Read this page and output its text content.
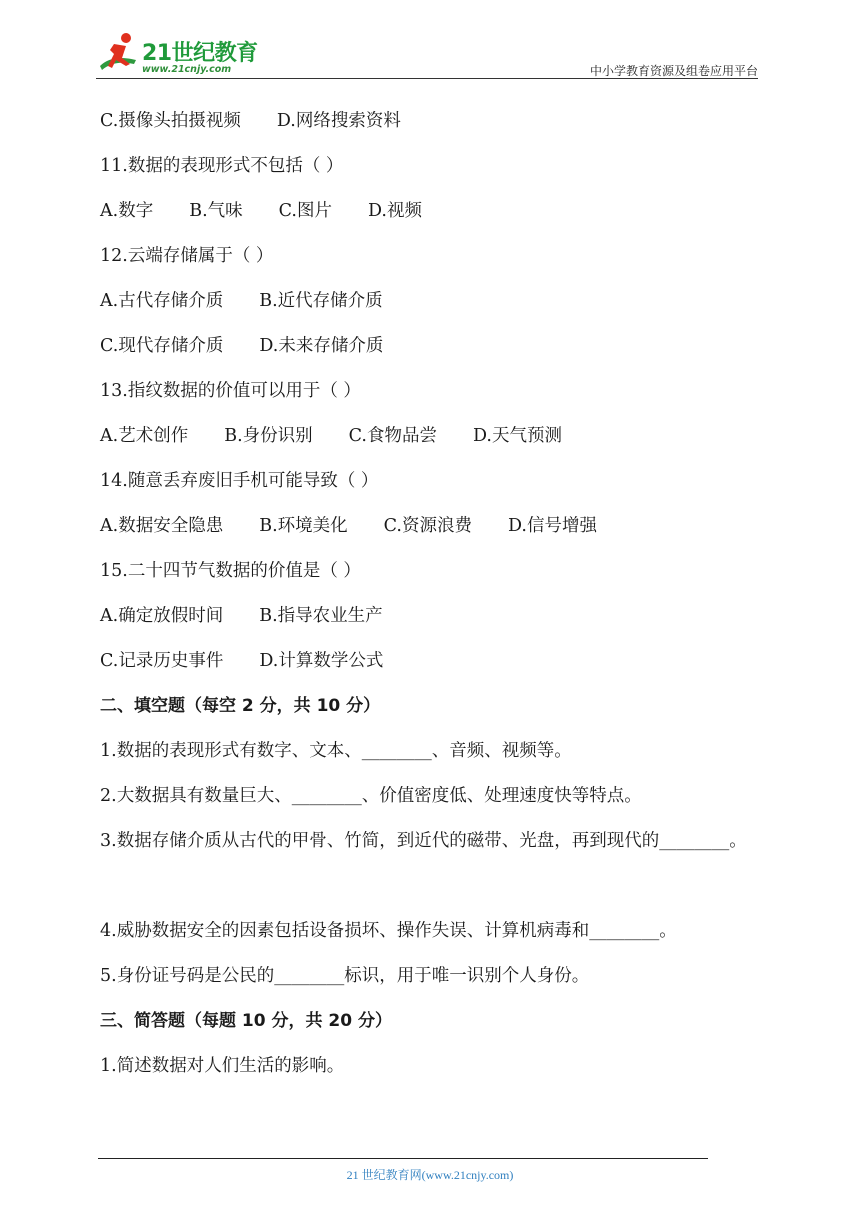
21世纪教育
www.21cnjy.com	中小学教育资源及组卷应用平台
C.摄像头拍摄视频 D.网络搜索资料
11.数据的表现形式不包括（ ）
A.数字 B.气味 C.图片 D.视频
12.云端存储属于（ ）
A.古代存储介质 B.近代存储介质
C.现代存储介质 D.未来存储介质
13.指纹数据的价值可以用于（ ）
A.艺术创作 B.身份识别 C.食物品尝 D.天气预测
14.随意丢弃废旧手机可能导致（ ）
A.数据安全隐患 B.环境美化 C.资源浪费 D.信号增强
15.二十四节气数据的价值是（ ）
A.确定放假时间 B.指导农业生产
C.记录历史事件 D.计算数学公式
二、填空题（每空 2 分，共 10 分）
1.数据的表现形式有数字、文本、________、音频、视频等。
2.大数据具有数量巨大、________、价值密度低、处理速度快等特点。
3.数据存储介质从古代的甲骨、竹简，到近代的磁带、光盘，再到现代的________。
4.威胁数据安全的因素包括设备损坏、操作失误、计算机病毒和________。
5.身份证号码是公民的________标识，用于唯一识别个人身份。
三、简答题（每题 10 分，共 20 分）
1.简述数据对人们生活的影响。
21 世纪教育网(www.21cnjy.com)
